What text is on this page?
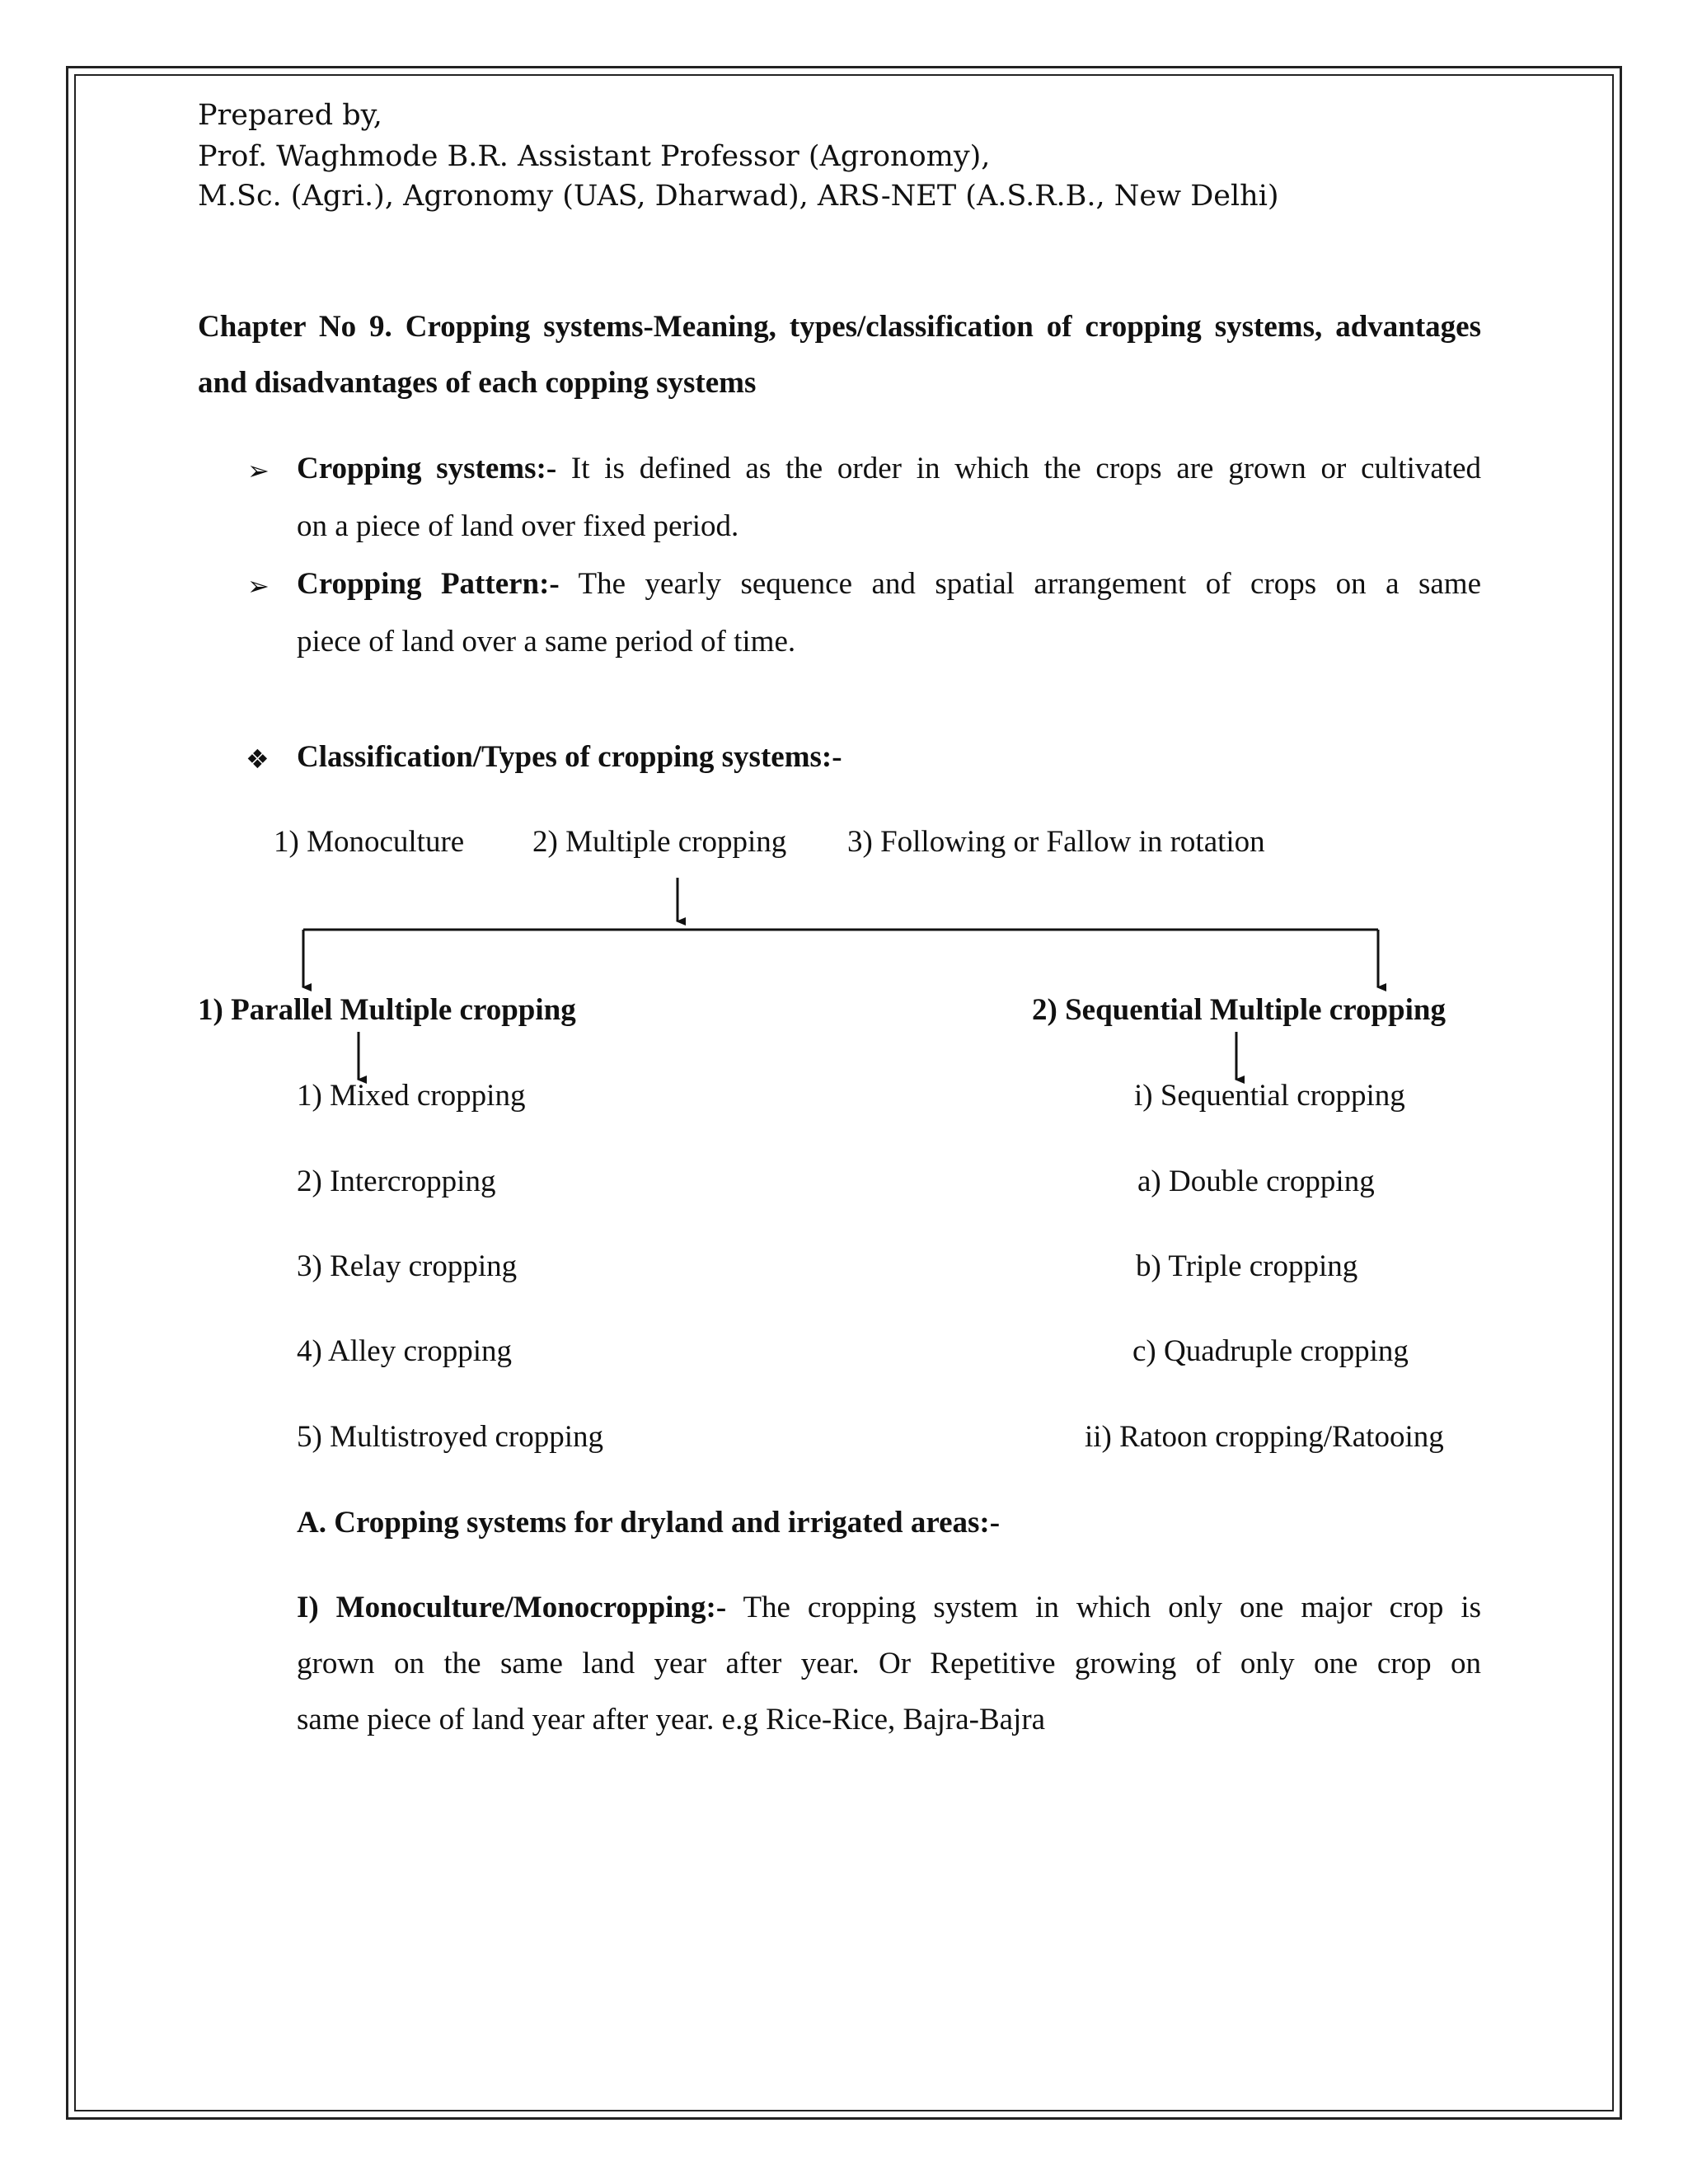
Prepared by,
Prof. Waghmode B.R. Assistant Professor (Agronomy),
M.Sc. (Agri.), Agronomy (UAS, Dharwad), ARS-NET (A.S.R.B., New Delhi)
Chapter No 9. Cropping systems-Meaning, types/classification of cropping systems, advantages
and disadvantages of each copping systems
➢ Cropping systems:- It is defined as the order in which the crops are grown or cultivated
on a piece of land over fixed period.
➢ Cropping Pattern:- The yearly sequence and spatial arrangement of crops on a same
piece of land over a same period of time.
❖ Classification/Types of cropping systems:-
1) Monoculture 2) Multiple cropping 3) Following or Fallow in rotation
1) Parallel Multiple cropping	2) Sequential Multiple cropping
1) Mixed cropping
2) Intercropping
3) Relay cropping
4) Alley cropping
5) Multistroyed cropping
i) Sequential cropping
a) Double cropping
b) Triple cropping
c) Quadruple cropping
ii) Ratoon cropping/Ratooing
A. Cropping systems for dryland and irrigated areas:-
I) Monoculture/Monocropping:- The cropping system in which only one major crop is
grown on the same land year after year. Or Repetitive growing of only one crop on
same piece of land year after year. e.g Rice-Rice, Bajra-Bajra
